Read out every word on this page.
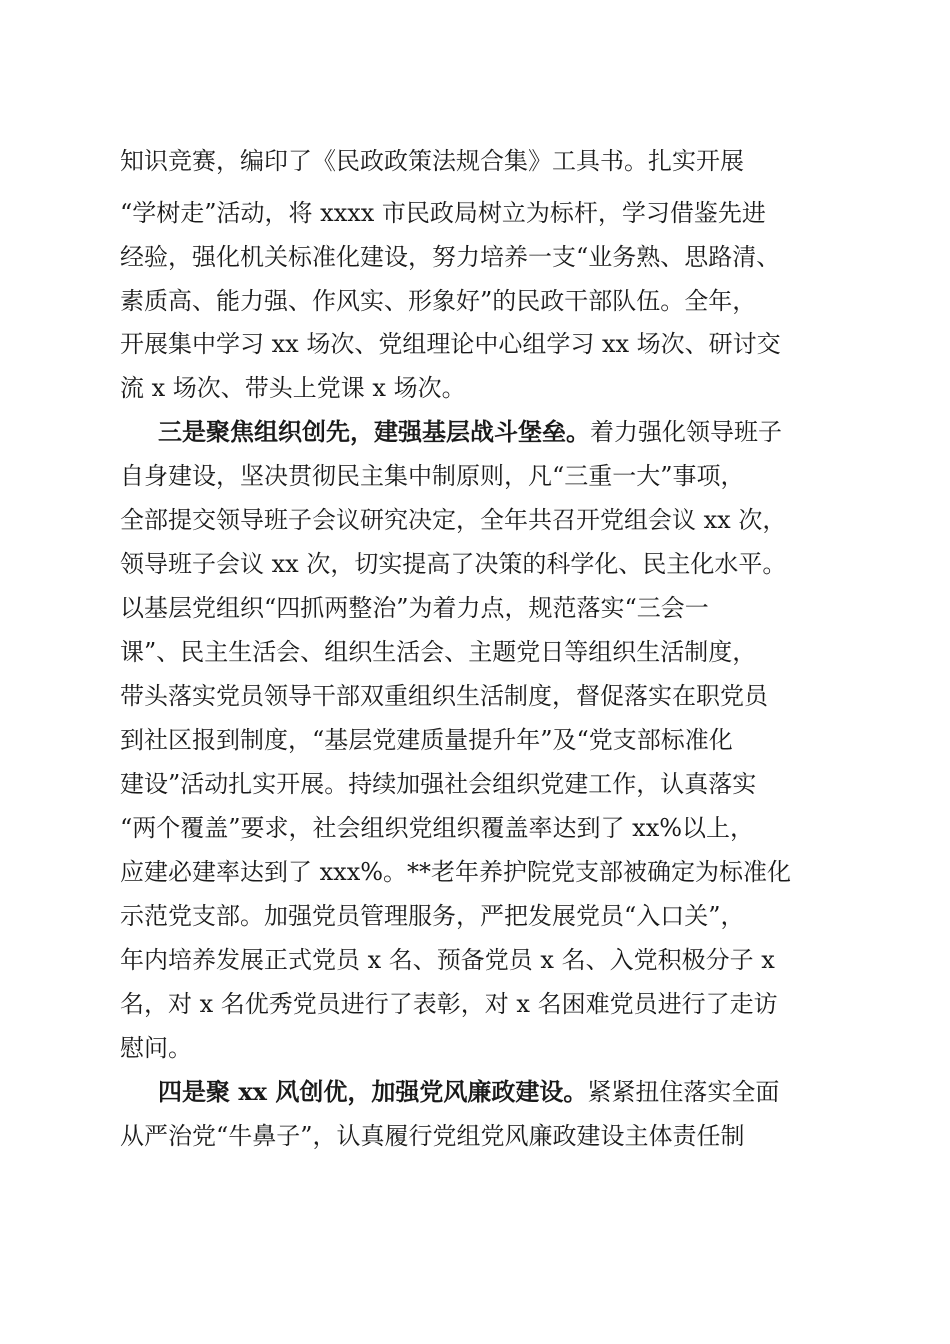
知识竞赛，编印了《民政政策法规合集》工具书。扎实开展
“学树走”活动，将 xxxx 市民政局树立为标杆，学习借鉴先进
经验，强化机关标准化建设，努力培养一支“业务熟、思路清、
素质高、能力强、作风实、形象好”的民政干部队伍。全年，
开展集中学习 xx 场次、党组理论中心组学习 xx 场次、研讨交
流 x 场次、带头上党课 x 场次。
三是聚焦组织创先，建强基层战斗堡垒。着力强化领导班子
自身建设，坚决贯彻民主集中制原则，凡“三重一大”事项，
全部提交领导班子会议研究决定，全年共召开党组会议 xx 次，
领导班子会议 xx 次，切实提高了决策的科学化、民主化水平。
以基层党组织“四抓两整治”为着力点，规范落实“三会一
课”、民主生活会、组织生活会、主题党日等组织生活制度，
带头落实党员领导干部双重组织生活制度，督促落实在职党员
到社区报到制度，“基层党建质量提升年”及“党支部标准化
建设”活动扎实开展。持续加强社会组织党建工作，认真落实
“两个覆盖”要求，社会组织党组织覆盖率达到了 xx%以上，
应建必建率达到了 xxx%。**老年养护院党支部被确定为标准化
示范党支部。加强党员管理服务，严把发展党员“入口关”，
年内培养发展正式党员 x 名、预备党员 x 名、入党积极分子 x
名，对 x 名优秀党员进行了表彰，对 x 名困难党员进行了走访
慰问。
四是聚 xx 风创优，加强党风廉政建设。紧紧扭住落实全面
从严治党“牛鼻子”，认真履行党组党风廉政建设主体责任制
